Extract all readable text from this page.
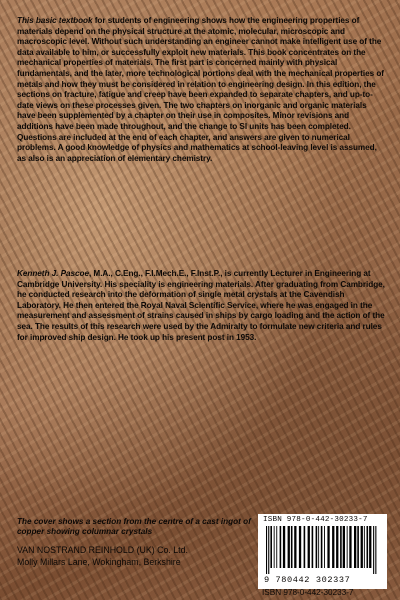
This basic textbook for students of engineering shows how the engineering properties of materials depend on the physical structure at the atomic, molecular, microscopic and macroscopic level. Without such understanding an engineer cannot make intelligent use of the data available to him, or successfully exploit new materials. This book concentrates on the mechanical properties of materials. The first part is concerned mainly with physical fundamentals, and the later, more technological portions deal with the mechanical properties of metals and how they must be considered in relation to engineering design. In this edition, the sections on fracture, fatigue and creep have been expanded to separate chapters, and up-to-date views on these processes given. The two chapters on inorganic and organic materials have been supplemented by a chapter on their use in composites. Minor revisions and additions have been made throughout, and the change to SI units has been completed. Questions are included at the end of each chapter, and answers are given to numerical problems. A good knowledge of physics and mathematics at school-leaving level is assumed, as also is an appreciation of elementary chemistry.
Kenneth J. Pascoe, M.A., C.Eng., F.I.Mech.E., F.Inst.P., is currently Lecturer in Engineering at Cambridge University. His speciality is engineering materials. After graduating from Cambridge, he conducted research into the deformation of single metal crystals at the Cavendish Laboratory. He then entered the Royal Naval Scientific Service, where he was engaged in the measurement and assessment of strains caused in ships by cargo loading and the action of the sea. The results of this research were used by the Admiralty to formulate new criteria and rules for improved ship design. He took up his present post in 1953.
The cover shows a section from the centre of a cast ingot of copper showing columnar crystals
VAN NOSTRAND REINHOLD (UK) Co. Ltd.
Molly Millars Lane, Wokingham, Berkshire
ISBN 978-0-442-30233-7
9 780442 302337
ISBN 978-0-442-30233-7
